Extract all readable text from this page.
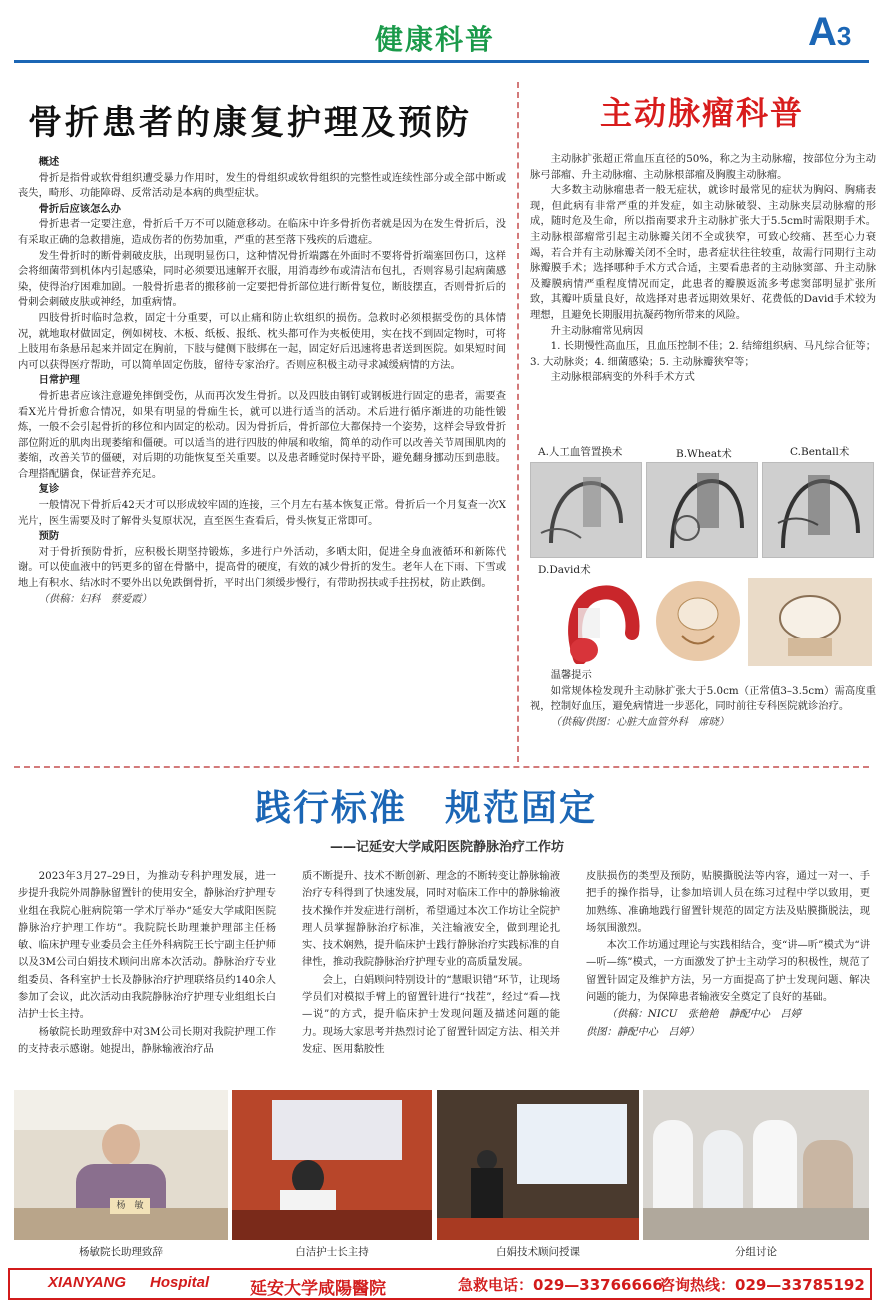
健康科普	A3
骨折患者的康复护理及预防
概述

骨折是指骨或软骨组织遭受暴力作用时，发生的骨组织或软骨组织的完整性或连续性部分或全部中断或丧失，畸形、功能障碍、反常活动是本病的典型症状。

骨折后应该怎么办

骨折患者一定要注意，骨折后千万不可以随意移动。在临床中许多骨折伤者就是因为在发生骨折后，没有采取正确的急救措施，造成伤者的伤势加重，严重的甚至落下残疾的后遗症。

发生骨折时的断骨刺破皮肤，出现明显伤口，这种情况骨折端露在外面时不要将骨折端塞回伤口，这样会将细菌带到机体内引起感染，同时必须要迅速解开衣服，用消毒纱布或清洁布包扎，否则容易引起病菌感染，使得治疗困难加剧。一般骨折患者的搬移前一定要把骨折部位进行断骨复位，断肢摆直，否则骨折后的骨刺会刺破皮肤或神经，加重病情。

四肢骨折时临时急救，固定十分重要，可以止痛和防止软组织的损伤。急救时必须根据受伤的具体情况，就地取材做固定，例如树枝、木板、纸板、报纸、枕头都可作为夹板使用，实在找不到固定物时，可将上肢用布条悬吊起来并固定在胸前，下肢与健侧下肢绑在一起，固定好后迅速将患者送到医院。如果短时间内可以获得医疗帮助，可以简单固定伤肢，留待专家治疗。否则应积极主动寻求减缓病情的方法。

日常护理

骨折患者应该注意避免摔倒受伤，从而再次发生骨折。以及四肢由钢钉或钢板进行固定的患者，需要查看X光片骨折愈合情况，如果有明显的骨痂生长，就可以进行适当的活动。术后进行循序渐进的功能性锻炼，一般不会引起骨折的移位和内固定的松动。因为骨折后，骨折部位大都保持一个姿势，这样会导致骨折部位附近的肌肉出现萎缩和僵硬。可以适当的进行四肢的伸展和收缩，简单的动作可以改善关节周围肌肉的萎缩，改善关节的僵硬，对后期的功能恢复至关重要。以及患者睡觉时保持平卧，避免翻身挪动压到患肢。合理搭配膳食，保证营养充足。

复诊

一般情况下骨折后42天才可以形成较牢固的连接，三个月左右基本恢复正常。骨折后一个月复查一次X光片，医生需要及时了解骨头复原状况，直至医生查看后，骨头恢复正常即可。

预防

对于骨折预防骨折，应积极长期坚持锻炼，多进行户外活动，多晒太阳，促进全身血液循环和新陈代谢。可以使血液中的钙更多的留在骨骼中，提高骨的硬度，有效的减少骨折的发生。老年人在下雨、下雪或地上有积水、结冰时不要外出以免跌倒骨折，平时出门须缓步慢行，有带助拐扶或手拄拐杖，防止跌倒。

（供稿：妇科　蔡爱霞）
主动脉瘤科普

主动脉扩张超正常血压直径的50%，称之为主动脉瘤，按部位分为主动脉弓部瘤、升主动脉瘤、主动脉根部瘤及胸腹主动脉瘤。

大多数主动脉瘤患者一般无症状，就诊时最常见的症状为胸闷、胸痛表现，但此病有非常严重的并发症，如主动脉破裂、主动脉夹层动脉瘤的形成，随时危及生命，所以指南要求升主动脉扩张大于5.5cm时需限期手术。主动脉根部瘤常引起主动脉瓣关闭不全或狭窄，可致心绞痛、甚至心力衰竭，若合并有主动脉瓣关闭不全时，患者症状往往较重，故需行同期行主动脉瓣膜手术；选择哪种手术方式合适，主要看患者的主动脉窦部、升主动脉及瓣膜病情严重程度情况而定，此患者的瓣膜返流多考虑窦部明显扩张所致，其瓣叶质量良好，故选择对患者远期效果好、花费低的David手术较为理想，且避免长期服用抗凝药物所带来的风险。

升主动脉瘤常见病因

1. 长期慢性高血压，且血压控制不佳；2. 结缔组织病、马凡综合征等；3. 大动脉炎；4. 细菌感染；5. 主动脉瓣狭窄等；

主动脉根部病变的外科手术方式

A.人工血管置换术	B.Wheat术	C.Bentall术
D.David术

温馨提示

如常规体检发现升主动脉扩张大于5.0cm（正常值3–3.5cm）需高度重视，控制好血压，避免病情进一步恶化，同时前往专科医院就诊治疗。

（供稿/供图：心脏大血管外科　席晓）
践行标准　规范固定
——记延安大学咸阳医院静脉治疗工作坊

2023年3月27–29日，为推动专科护理发展，进一步提升我院外周静脉留置针的使用安全，静脉治疗护理专业组在我院心脏病院第一学术厅举办“延安大学咸阳医院静脉治疗护理工作坊”。我院院长助理兼护理部主任杨敏、临床护理专业委员会主任外科病院王长宁副主任护师以及3M公司白娟技术顾问出席本次活动。静脉治疗专业组委员、各科室护士长及静脉治疗护理联络员约140余人参加了会议，此次活动由我院静脉治疗护理专业组组长白洁护士长主持。

杨敏院长助理致辞中对3M公司长期对我院护理工作的支持表示感谢。她提出，静脉输液治疗品

质不断提升、技术不断创新、理念的不断转变让静脉输液治疗专科得到了快速发展，同时对临床工作中的静脉输液技术操作并发症进行剖析，希望通过本次工作坊让全院护理人员掌握静脉治疗标准，关注输液安全，做到理论扎实、技术娴熟，提升临床护士践行静脉治疗实践标准的自律性，推动我院静脉治疗护理专业的高质量发展。

会上，白娟顾问特别设计的“慧眼识错”环节，让现场学员们对模拟手臂上的留置针进行“找茬”，经过“看—找—说”的方式，提升临床护士发现问题及描述问题的能力。现场大家思考并热烈讨论了留置针固定方法、相关并发症、医用黏胶性

皮肤损伤的类型及预防，贴膜撕脱法等内容，通过一对一、手把手的操作指导，让参加培训人员在练习过程中学以致用，更加熟练、准确地践行留置针规范的固定方法及贴膜撕脱法，现场氛围激烈。

本次工作坊通过理论与实践相结合，变“讲—听”模式为“讲—听—练”模式，一方面激发了护士主动学习的积极性，规范了留置针固定及维护方法，另一方面提高了护士发现问题、解决问题的能力，为保障患者输液安全奠定了良好的基础。

（供稿：NICU　张艳艳　静配中心　吕婷
供图：静配中心　吕婷）
杨　敏
杨敏院长助理致辞	白洁护士长主持	白娟技术顾问授课	分组讨论
XIANYANG Hospital 延安大学咸陽醫院	急救电话：029—33766666
咨询热线：029—33785192
